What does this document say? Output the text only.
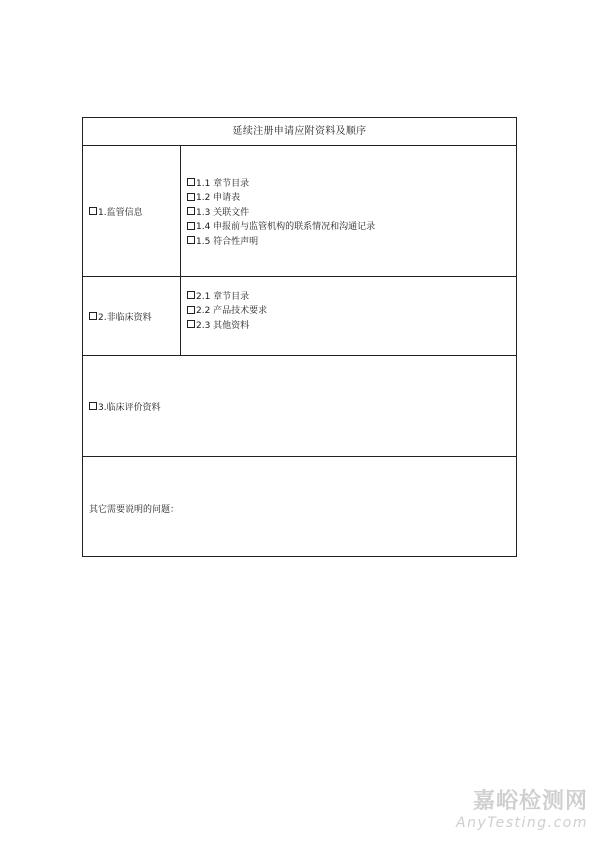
延续注册申请应附资料及顺序
1.监管信息
1.1 章节目录
1.2 申请表
1.3 关联文件
1.4 申报前与监管机构的联系情况和沟通记录
1.5 符合性声明
2.非临床资料
2.1 章节目录
2.2 产品技术要求
2.3 其他资料
3.临床评价资料
其它需要说明的问题：
嘉峪检测网
AnyTesting.com
